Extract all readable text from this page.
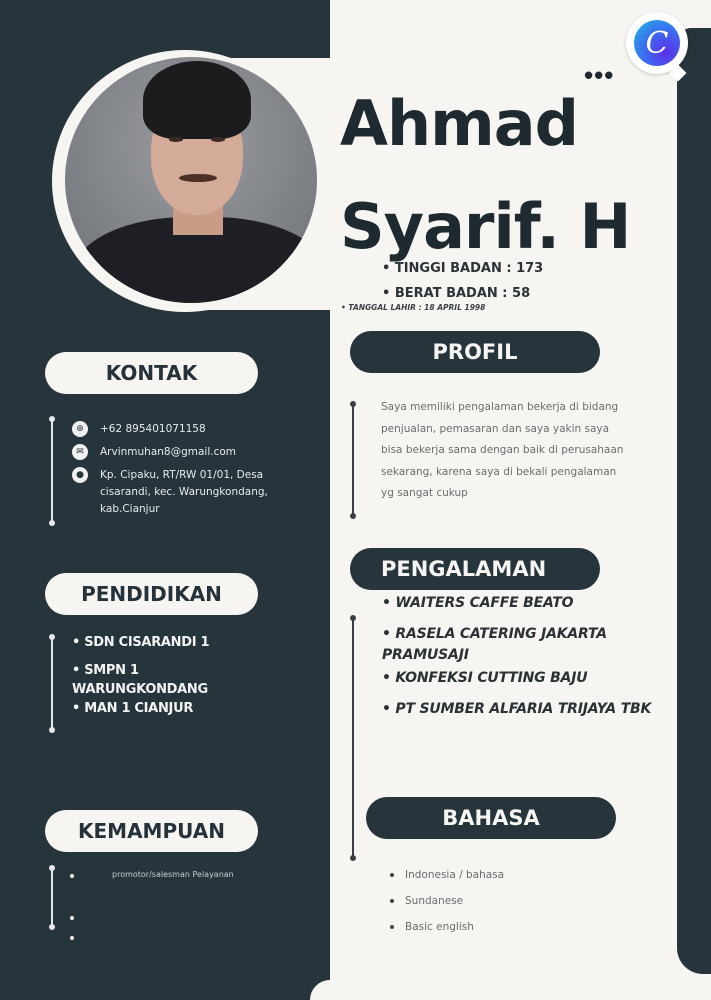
C
✦
•••
Ahmad
Syarif. H
• TINGGI BADAN : 173
• BERAT BADAN : 58
• TANGGAL LAHIR : 18 APRIL 1998
KONTAK
⊕	+62 895401071158
✉	Arvinmuhan8@gmail.com
●	Kp. Cipaku, RT/RW 01/01, Desa cisarandi, kec. Warungkondang, kab.Cianjur
PENDIDIKAN
• SDN CISARANDI 1
• SMPN 1
WARUNGKONDANG
• MAN 1 CIANJUR
KEMAMPUAN
promotor/salesman Pelayanan
PROFIL
Saya memiliki pengalaman bekerja di bidang penjualan, pemasaran dan saya yakin saya bisa bekerja sama dengan baik di perusahaan sekarang, karena saya di bekali pengalaman yg sangat cukup
PENGALAMAN
• WAITERS CAFFE BEATO
• RASELA CATERING JAKARTA
PRAMUSAJI
• KONFEKSI CUTTING BAJU
• PT SUMBER ALFARIA TRIJAYA TBK
BAHASA
Indonesia / bahasa
Sundanese
Basic english
